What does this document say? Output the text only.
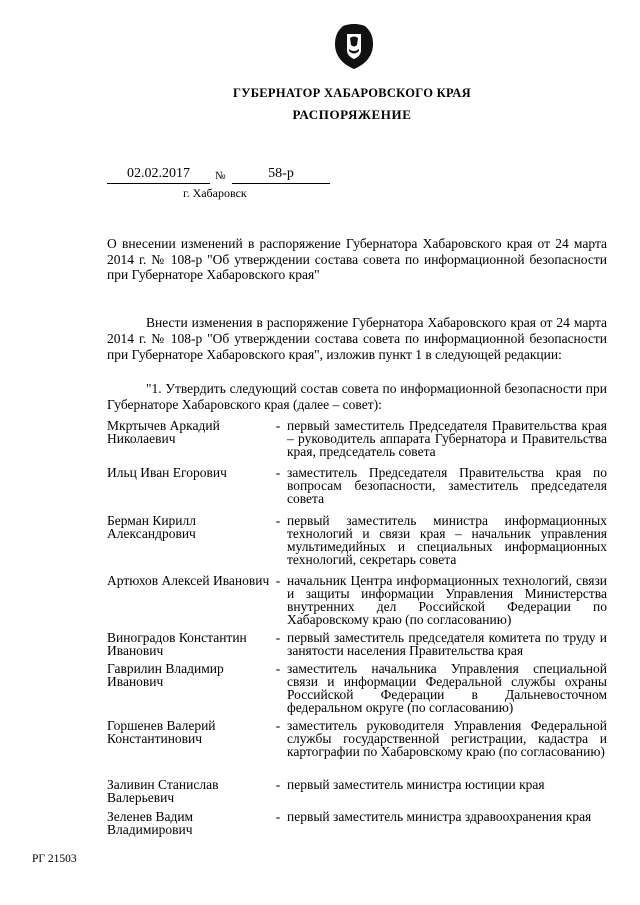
ГУБЕРНАТОР ХАБАРОВСКОГО КРАЯ
РАСПОРЯЖЕНИЕ
02.02.2017	№	58-р
г. Хабаровск
О внесении изменений в распоряжение Губернатора Хабаровского края от 24 марта 2014 г. № 108-р "Об утверждении состава совета по информационной безопасности при Губернаторе Хабаровского края"
Внести изменения в распоряжение Губернатора Хабаровского края от 24 марта 2014 г. № 108-р "Об утверждении состава совета по информационной безопасности при Губернаторе Хабаровского края", изложив пункт 1 в следующей редакции:
"1. Утвердить следующий состав совета по информационной безопасности при Губернаторе Хабаровского края (далее – совет):
Мкртычев Аркадий Николаевич
- первый заместитель Председателя Правительства края – руководитель аппарата Губернатора и Правительства края, председатель совета
Ильц Иван Егорович	- заместитель Председателя Правительства края по вопросам безопасности, заместитель председателя совета
Берман Кирилл Александрович
- первый заместитель министра информационных технологий и связи края – начальник управления мультимедийных и специальных информационных технологий, секретарь совета
Артюхов Алексей Иванович - начальник Центра информационных технологий, связи и защиты информации Управления Министерства внутренних дел Российской Федерации по Хабаровскому краю (по согласованию)
Виноградов Константин Иванович
- первый заместитель председателя комитета по труду и занятости населения Правительства края
Гаврилин Владимир Иванович
- заместитель начальника Управления специальной связи и информации Федеральной службы охраны Российской Федерации в Дальневосточном федеральном округе (по согласованию)
Горшенев Валерий Константинович
- заместитель руководителя Управления Федеральной службы государственной регистрации, кадастра и картографии по Хабаровскому краю (по согласованию)
Заливин Станислав Валерьевич
- первый заместитель министра юстиции края
Зеленев Вадим Владимирович
- первый заместитель министра здравоохранения края
РГ 21503
